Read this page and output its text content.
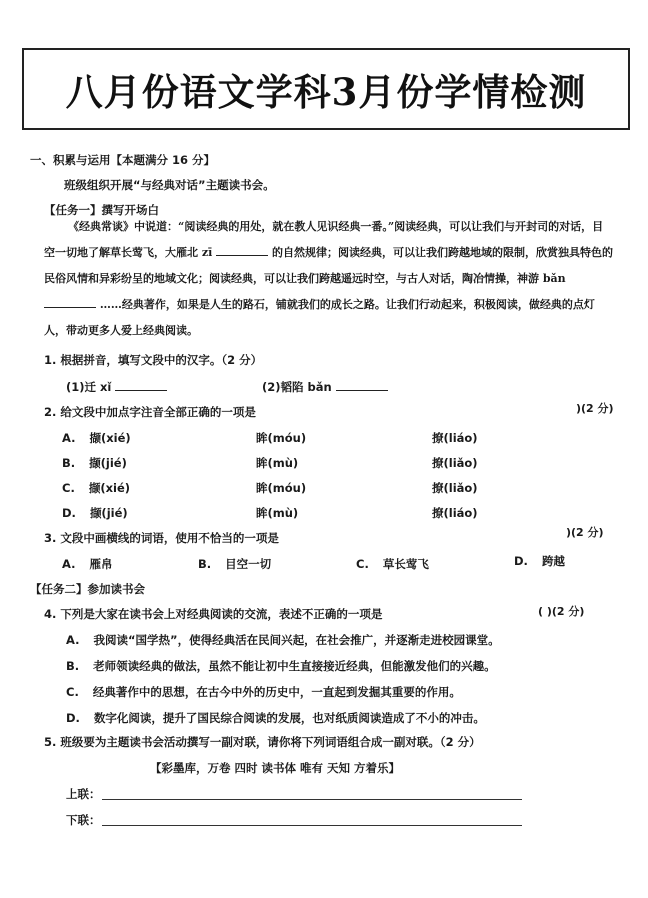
八月份语文学科3月份学情检测
一、积累与运用【本题满分 16 分】
班级组织开展“与经典对话”主题读书会。
【任务一】撰写开场白
《经典常谈》中说道：“阅读经典的用处，就在教人见识经典一番。”阅读经典，可以让我们与开封司的对话，目空一切地了解草长莺飞，大雁北 zī	的自然规律；阅读经典，可以让我们跨越地域的限制，欣赏独具特色的民俗风情和异彩纷呈的地域文化；阅读经典，可以让我们跨越遥远时空，与古人对话，陶冶情操，神游 bǎn  ……经典著作，如果是人生的路石，铺就我们的成长之路。让我们行动起来，积极阅读，做经典的点灯人，带动更多人爱上经典阅读。
1. 根据拼音，填写文段中的汉字。（2 分）
(1)迁 xǐ	(2)韬陷 bǎn
2. 给文段中加点字注音全部正确的一项是	)(2 分)
A. 撷(xié)	眸(móu)	撩(liáo)
B. 撷(jié)	眸(mù)	撩(liǎo)
C. 撷(xié)	眸(móu)	撩(liǎo)
D. 撷(jié)	眸(mù)	撩(liáo)
3. 文段中画横线的词语，使用不恰当的一项是	)(2 分)
A. 雁帛	B. 目空一切	C. 草长莺飞	D. 跨越
【任务二】参加读书会
4. 下列是大家在读书会上对经典阅读的交流，表述不正确的一项是	( )(2 分)
A. 我阅读“国学热”，使得经典活在民间兴起，在社会推广，并逐渐走进校园课堂。
B. 老师领读经典的做法，虽然不能让初中生直接接近经典，但能激发他们的兴趣。
C. 经典著作中的思想，在古今中外的历史中，一直起到发掘其重要的作用。
D. 数字化阅读，提升了国民综合阅读的发展，也对纸质阅读造成了不小的冲击。
5. 班级要为主题读书会活动撰写一副对联，请你将下列词语组合成一副对联。（2 分）
【彩墨库，万卷 四时 读书体 唯有 天知 方着乐】
上联：
下联：
